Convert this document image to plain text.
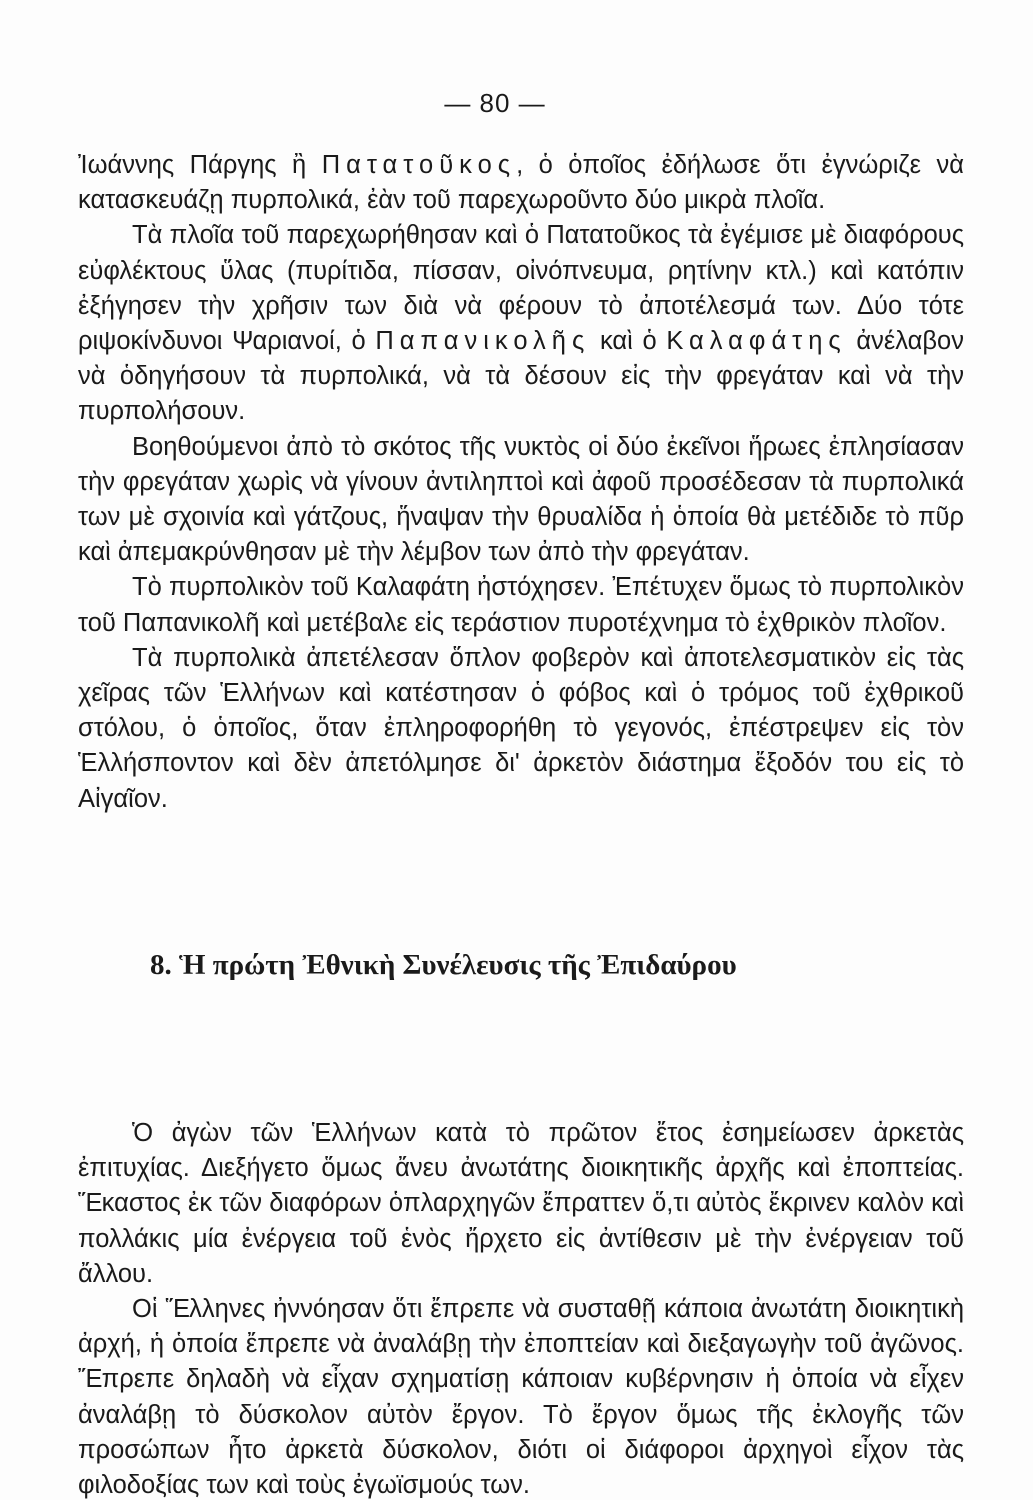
— 80 —

Ἰωάννης Πάργης ἢ Πατατοῦκος, ὁ ὁποῖος ἐδήλωσε ὅτι ἐγνώριζε νὰ κατασκευάζῃ πυρπολικά, ἐὰν τοῦ παρεχωροῦντο δύο μικρὰ πλοῖα.

Τὰ πλοῖα τοῦ παρεχωρήθησαν καὶ ὁ Πατατοῦκος τὰ ἐγέμισε μὲ διαφόρους εὐφλέκτους ὕλας (πυρίτιδα, πίσσαν, οἰνόπνευμα, ρητίνην κτλ.) καὶ κατόπιν ἐξήγησεν τὴν χρῆσιν των διὰ νὰ φέρουν τὸ ἀποτέλεσμά των. Δύο τότε ριψοκίνδυνοι Ψαριανοί, ὁ Παπανικολῆς καὶ ὁ Καλαφάτης ἀνέλαβον νὰ ὁδηγήσουν τὰ πυρπολικά, νὰ τὰ δέσουν εἰς τὴν φρεγάταν καὶ νὰ τὴν πυρπολήσουν.

Βοηθούμενοι ἀπὸ τὸ σκότος τῆς νυκτὸς οἱ δύο ἐκεῖνοι ἥρωες ἐπλησίασαν τὴν φρεγάταν χωρὶς νὰ γίνουν ἀντιληπτοὶ καὶ ἀφοῦ προσέδεσαν τὰ πυρπολικά των μὲ σχοινία καὶ γάτζους, ἥναψαν τὴν θρυαλίδα ἡ ὁποία θὰ μετέδιδε τὸ πῦρ καὶ ἀπεμακρύνθησαν μὲ τὴν λέμβον των ἀπὸ τὴν φρεγάταν.

Τὸ πυρπολικὸν τοῦ Καλαφάτη ἠστόχησεν. Ἐπέτυχεν ὅμως τὸ πυρπολικὸν τοῦ Παπανικολῆ καὶ μετέβαλε εἰς τεράστιον πυροτέχνημα τὸ ἐχθρικὸν πλοῖον.

Τὰ πυρπολικὰ ἀπετέλεσαν ὅπλον φοβερὸν καὶ ἀποτελεσματικὸν εἰς τὰς χεῖρας τῶν Ἑλλήνων καὶ κατέστησαν ὁ φόβος καὶ ὁ τρόμος τοῦ ἐχθρικοῦ στόλου, ὁ ὁποῖος, ὅταν ἐπληροφορήθη τὸ γεγονός, ἐπέστρεψεν εἰς τὸν Ἑλλήσποντον καὶ δὲν ἀπετόλμησε δι' ἀρκετὸν διάστημα ἔξοδόν του εἰς τὸ Αἰγαῖον.

8. Ἡ πρώτη Ἐθνικὴ Συνέλευσις τῆς Ἐπιδαύρου

Ὁ ἀγὼν τῶν Ἑλλήνων κατὰ τὸ πρῶτον ἔτος ἐσημείωσεν ἀρκετὰς ἐπιτυχίας. Διεξήγετο ὅμως ἄνευ ἀνωτάτης διοικητικῆς ἀρχῆς καὶ ἐποπτείας. Ἕκαστος ἐκ τῶν διαφόρων ὁπλαρχηγῶν ἔπραττεν ὅ,τι αὐτὸς ἔκρινεν καλὸν καὶ πολλάκις μία ἐνέργεια τοῦ ἑνὸς ἤρχετο εἰς ἀντίθεσιν μὲ τὴν ἐνέργειαν τοῦ ἄλλου.

Οἱ Ἕλληνες ἠννόησαν ὅτι ἔπρεπε νὰ συσταθῇ κάποια ἀνωτάτη διοικητικὴ ἀρχή, ἡ ὁποία ἔπρεπε νὰ ἀναλάβῃ τὴν ἐποπτείαν καὶ διεξαγωγὴν τοῦ ἀγῶνος. Ἔπρεπε δηλαδὴ νὰ εἶχαν σχηματίσῃ κάποιαν κυβέρνησιν ἡ ὁποία νὰ εἶχεν ἀναλάβῃ τὸ δύσκολον αὐτὸν ἔργον. Τὸ ἔργον ὅμως τῆς ἐκλογῆς τῶν προσώπων ἦτο ἀρκετὰ δύσκολον, διότι οἱ διάφοροι ἀρχηγοὶ εἶχον τὰς φιλοδοξίας των καὶ τοὺς ἐγωϊσμούς των.
